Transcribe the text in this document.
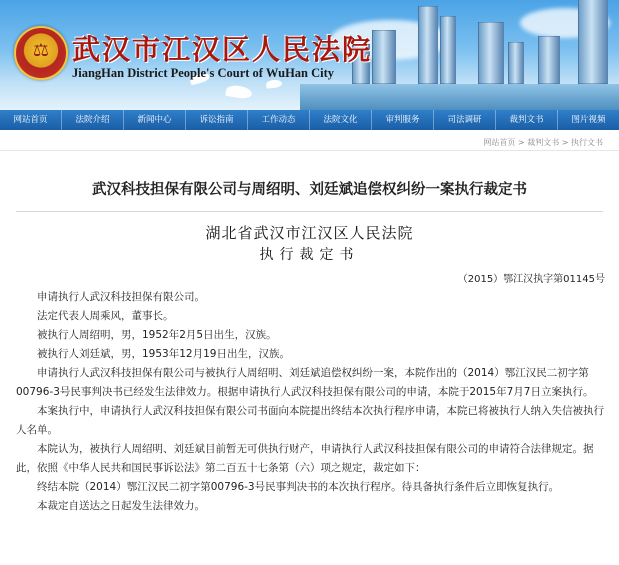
⚖ 武汉市江汉区人民法院
JiangHan District People's Court of WuHan City
网站首页	法院介绍	新闻中心	诉讼指南	工作动态	法院文化	审判服务	司法调研	裁判文书	图片视频
网站首页 > 裁判文书 > 执行文书
武汉科技担保有限公司与周绍明、刘廷斌追偿权纠纷一案执行裁定书
湖北省武汉市江汉区人民法院
执行裁定书
（2015）鄂江汉执字第01145号

申请执行人武汉科技担保有限公司。

法定代表人周乘风，董事长。

被执行人周绍明，男，1952年2月5日出生，汉族。

被执行人刘廷斌，男，1953年12月19日出生，汉族。

申请执行人武汉科技担保有限公司与被执行人周绍明、刘廷斌追偿权纠纷一案，本院作出的（2014）鄂江汉民二初字第00796-3号民事判决书已经发生法律效力。根据申请执行人武汉科技担保有限公司的申请，本院于2015年7月7日立案执行。

本案执行中，申请执行人武汉科技担保有限公司书面向本院提出终结本次执行程序申请，本院已将被执行人纳入失信被执行人名单。

本院认为，被执行人周绍明、刘廷斌目前暂无可供执行财产，申请执行人武汉科技担保有限公司的申请符合法律规定。据此，依照《中华人民共和国民事诉讼法》第二百五十七条第（六）项之规定，裁定如下：

终结本院（2014）鄂江汉民二初字第00796-3号民事判决书的本次执行程序。待具备执行条件后立即恢复执行。

本裁定自送达之日起发生法律效力。
